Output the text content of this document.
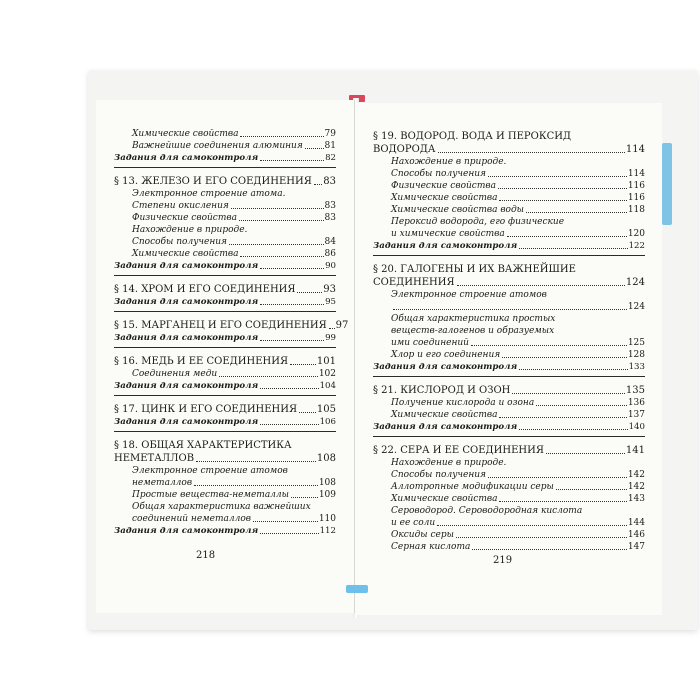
Химические свойства	79
Важнейшие соединения алюминия 81
Задания для самоконтроля	82
§ 13. ЖЕЛЕЗО И ЕГО СОЕДИНЕНИЯ 83
Электронное строение атома.
Степени окисления	83
Физические свойства	83
Нахождение в природе.
Способы получения	84
Химические свойства	86
Задания для самоконтроля	90
§ 14. ХРОМ И ЕГО СОЕДИНЕНИЯ	93
Задания для самоконтроля	95
§ 15. МАРГАНЕЦ И ЕГО СОЕДИНЕНИЯ 97
Задания для самоконтроля	99
§ 16. МЕДЬ И ЕЕ СОЕДИНЕНИЯ	101
Соединения меди	102
Задания для самоконтроля	104
§ 17. ЦИНК И ЕГО СОЕДИНЕНИЯ 105
Задания для самоконтроля	106
§ 18. ОБЩАЯ ХАРАКТЕРИСТИКА
НЕМЕТАЛЛОВ	108
Электронное строение атомов
неметаллов	108
Простые вещества-неметаллы	109
Общая характеристика важнейших
соединений неметаллов	110
Задания для самоконтроля	112
218
§ 19. ВОДОРОД. ВОДА И ПЕРОКСИД
ВОДОРОДА	114
Нахождение в природе.
Способы получения	114
Физические свойства	116
Химические свойства	116
Химические свойства воды	118
Пероксид водорода, его физические
и химические свойства	120
Задания для самоконтроля	122
§ 20. ГАЛОГЕНЫ И ИХ ВАЖНЕЙШИЕ
СОЕДИНЕНИЯ	124
Электронное строение атомов
124
Общая характеристика простых
веществ-галогенов и образуемых
ими соединений	125
Хлор и его соединения	128
Задания для самоконтроля	133
§ 21. КИСЛОРОД И ОЗОН	135
Получение кислорода и озона	136
Химические свойства	137
Задания для самоконтроля	140
§ 22. СЕРА И ЕЕ СОЕДИНЕНИЯ	141
Нахождение в природе.
Способы получения	142
Аллотропные модификации серы	142
Химические свойства	143
Сероводород. Сероводородная кислота
и ее соли	144
Оксиды серы	146
Серная кислота	147
219
